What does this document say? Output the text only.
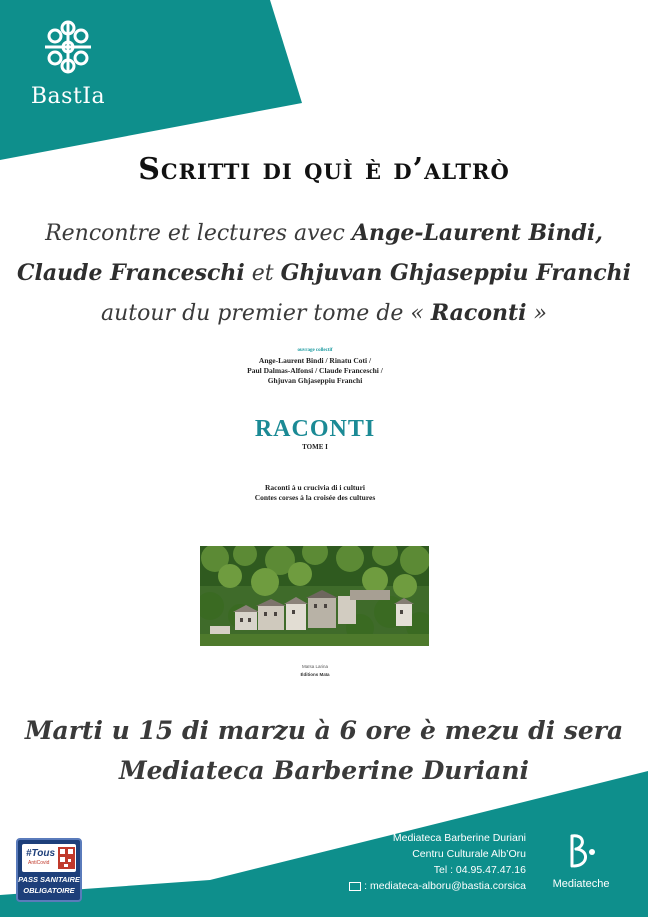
BastIa
Scritti di quì è d’altrò
Rencontre et lectures avec Ange-Laurent Bindi,
Claude Franceschi et Ghjuvan Ghjaseppiu Franchi
autour du premier tome de « Raconti »
ouvrage collectif
Ange-Laurent Bindi / Rinatu Coti /
Paul Dalmas-Alfonsi / Claude Franceschi /
Ghjuvan Ghjaseppiu Franchi
RACONTI
TOME I
Raconti à u crucivia di i culturi
Contes corses à la croisée des cultures
Maïsa Larina
Éditions Maïa
Marti u 15 di marzu à 6 ore è mezu di sera
Mediateca Barberine Duriani
#Tous
AntiCovid
PASS SANITAIRE
OBLIGATOIRE
Mediateca Barberine Duriani
Centru Culturale Alb’Oru
Tel : 04.95.47.47.16
: mediateca-alboru@bastia.corsica	Mediateche
